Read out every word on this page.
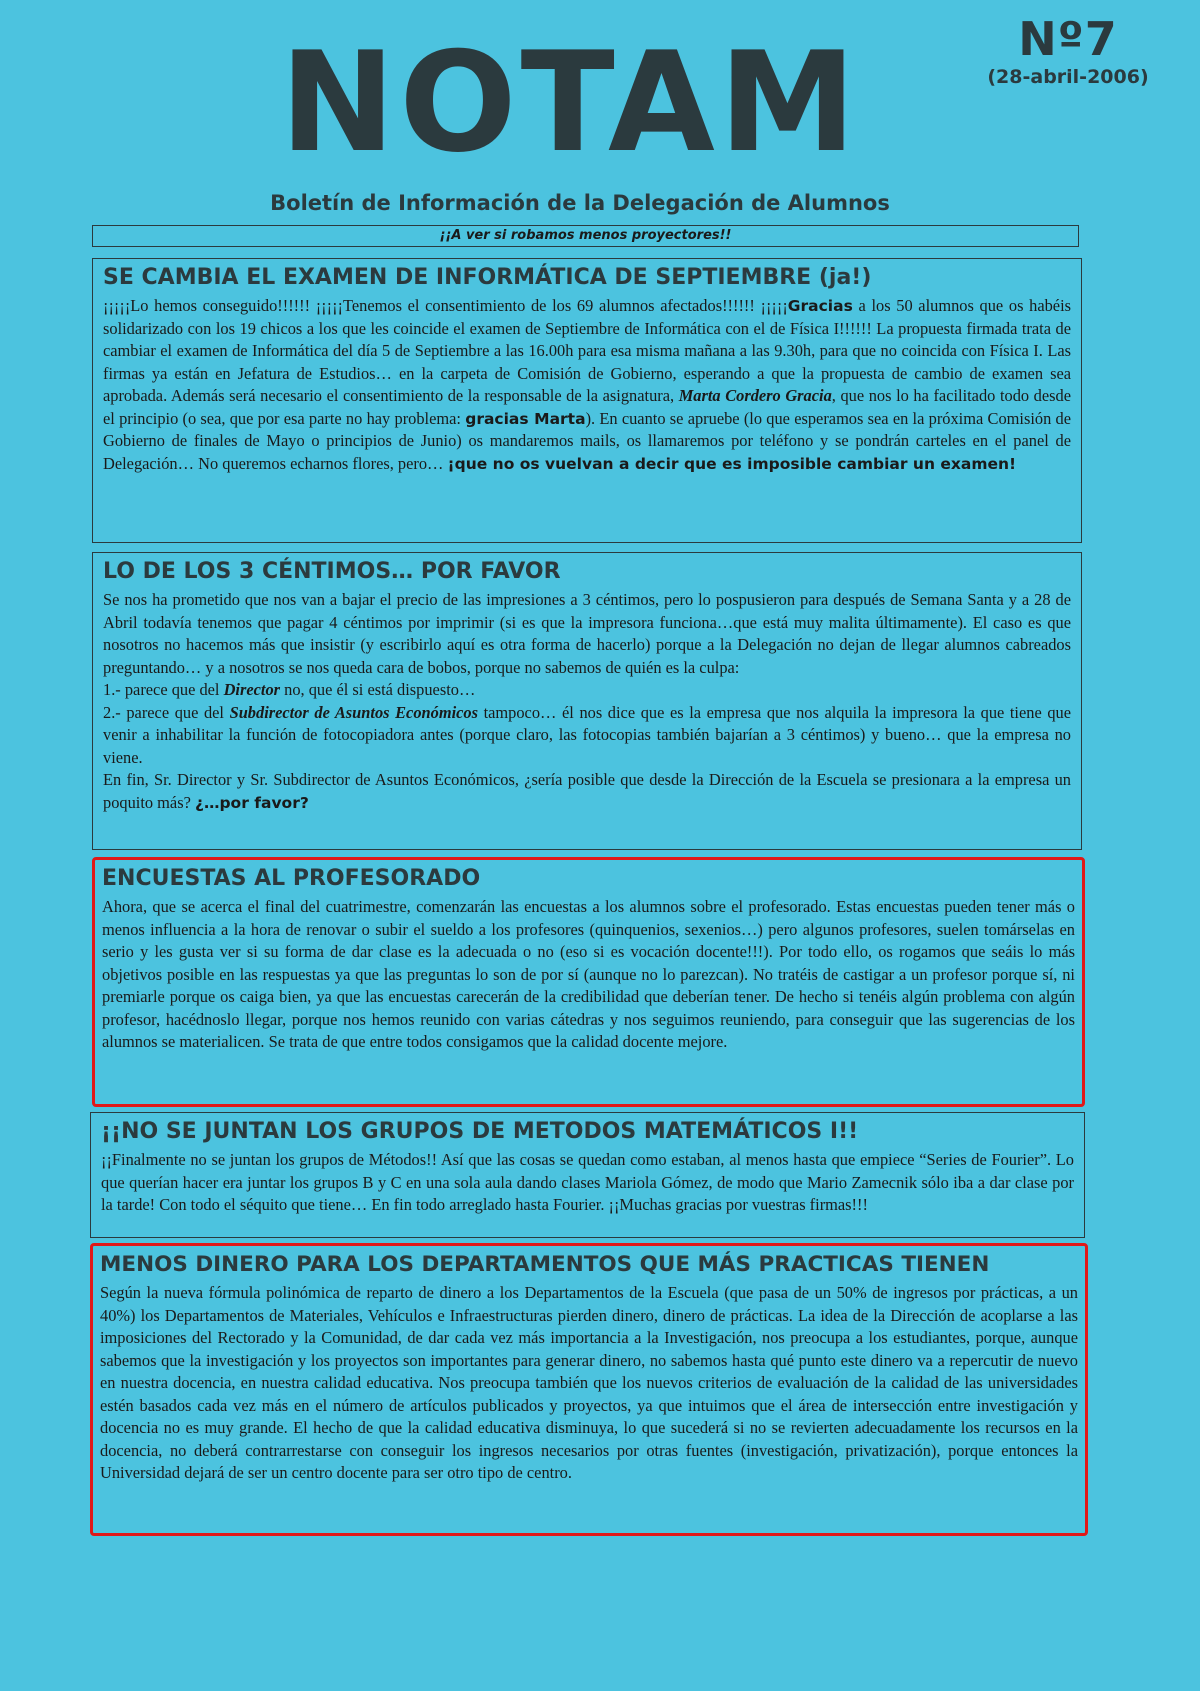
Nº7
(28-abril-2006)
NOTAM
Boletín de Información de la Delegación de Alumnos
¡¡A ver si robamos menos proyectores!!
SE CAMBIA EL EXAMEN DE INFORMÁTICA DE SEPTIEMBRE (ja!)

¡¡¡¡¡Lo hemos conseguido!!!!!! ¡¡¡¡¡Tenemos el consentimiento de los 69 alumnos afectados!!!!!! ¡¡¡¡¡Gracias a los 50 alumnos que os habéis solidarizado con los 19 chicos a los que les coincide el examen de Septiembre de Informática con el de Física I!!!!!! La propuesta firmada trata de cambiar el examen de Informática del día 5 de Septiembre a las 16.00h para esa misma mañana a las 9.30h, para que no coincida con Física I. Las firmas ya están en Jefatura de Estudios… en la carpeta de Comisión de Gobierno, esperando a que la propuesta de cambio de examen sea aprobada. Además será necesario el consentimiento de la responsable de la asignatura, Marta Cordero Gracia, que nos lo ha facilitado todo desde el principio (o sea, que por esa parte no hay problema: gracias Marta). En cuanto se apruebe (lo que esperamos sea en la próxima Comisión de Gobierno de finales de Mayo o principios de Junio) os mandaremos mails, os llamaremos por teléfono y se pondrán carteles en el panel de Delegación… No queremos echarnos flores, pero… ¡que no os vuelvan a decir que es imposible cambiar un examen!

LO DE LOS 3 CÉNTIMOS… POR FAVOR

Se nos ha prometido que nos van a bajar el precio de las impresiones a 3 céntimos, pero lo pospusieron para después de Semana Santa y a 28 de Abril todavía tenemos que pagar 4 céntimos por imprimir (si es que la impresora funciona…que está muy malita últimamente). El caso es que nosotros no hacemos más que insistir (y escribirlo aquí es otra forma de hacerlo) porque a la Delegación no dejan de llegar alumnos cabreados preguntando… y a nosotros se nos queda cara de bobos, porque no sabemos de quién es la culpa:

1.- parece que del Director no, que él si está dispuesto…

2.- parece que del Subdirector de Asuntos Económicos tampoco… él nos dice que es la empresa que nos alquila la impresora la que tiene que venir a inhabilitar la función de fotocopiadora antes (porque claro, las fotocopias también bajarían a 3 céntimos) y bueno… que la empresa no viene.

En fin, Sr. Director y Sr. Subdirector de Asuntos Económicos, ¿sería posible que desde la Dirección de la Escuela se presionara a la empresa un poquito más? ¿…por favor?

ENCUESTAS AL PROFESORADO

Ahora, que se acerca el final del cuatrimestre, comenzarán las encuestas a los alumnos sobre el profesorado. Estas encuestas pueden tener más o menos influencia a la hora de renovar o subir el sueldo a los profesores (quinquenios, sexenios…) pero algunos profesores, suelen tomárselas en serio y les gusta ver si su forma de dar clase es la adecuada o no (eso si es vocación docente!!!). Por todo ello, os rogamos que seáis lo más objetivos posible en las respuestas ya que las preguntas lo son de por sí (aunque no lo parezcan). No tratéis de castigar a un profesor porque sí, ni premiarle porque os caiga bien, ya que las encuestas carecerán de la credibilidad que deberían tener. De hecho si tenéis algún problema con algún profesor, hacédnoslo llegar, porque nos hemos reunido con varias cátedras y nos seguimos reuniendo, para conseguir que las sugerencias de los alumnos se materialicen. Se trata de que entre todos consigamos que la calidad docente mejore.

¡¡NO SE JUNTAN LOS GRUPOS DE METODOS MATEMÁTICOS I!!

¡¡Finalmente no se juntan los grupos de Métodos!! Así que las cosas se quedan como estaban, al menos hasta que empiece “Series de Fourier”. Lo que querían hacer era juntar los grupos B y C en una sola aula dando clases Mariola Gómez, de modo que Mario Zamecnik sólo iba a dar clase por la tarde! Con todo el séquito que tiene… En fin todo arreglado hasta Fourier. ¡¡Muchas gracias por vuestras firmas!!!

MENOS DINERO PARA LOS DEPARTAMENTOS QUE MÁS PRACTICAS TIENEN

Según la nueva fórmula polinómica de reparto de dinero a los Departamentos de la Escuela (que pasa de un 50% de ingresos por prácticas, a un 40%) los Departamentos de Materiales, Vehículos e Infraestructuras pierden dinero, dinero de prácticas. La idea de la Dirección de acoplarse a las imposiciones del Rectorado y la Comunidad, de dar cada vez más importancia a la Investigación, nos preocupa a los estudiantes, porque, aunque sabemos que la investigación y los proyectos son importantes para generar dinero, no sabemos hasta qué punto este dinero va a repercutir de nuevo en nuestra docencia, en nuestra calidad educativa. Nos preocupa también que los nuevos criterios de evaluación de la calidad de las universidades estén basados cada vez más en el número de artículos publicados y proyectos, ya que intuimos que el área de intersección entre investigación y docencia no es muy grande. El hecho de que la calidad educativa disminuya, lo que sucederá si no se revierten adecuadamente los recursos en la docencia, no deberá contrarrestarse con conseguir los ingresos necesarios por otras fuentes (investigación, privatización), porque entonces la Universidad dejará de ser un centro docente para ser otro tipo de centro.
